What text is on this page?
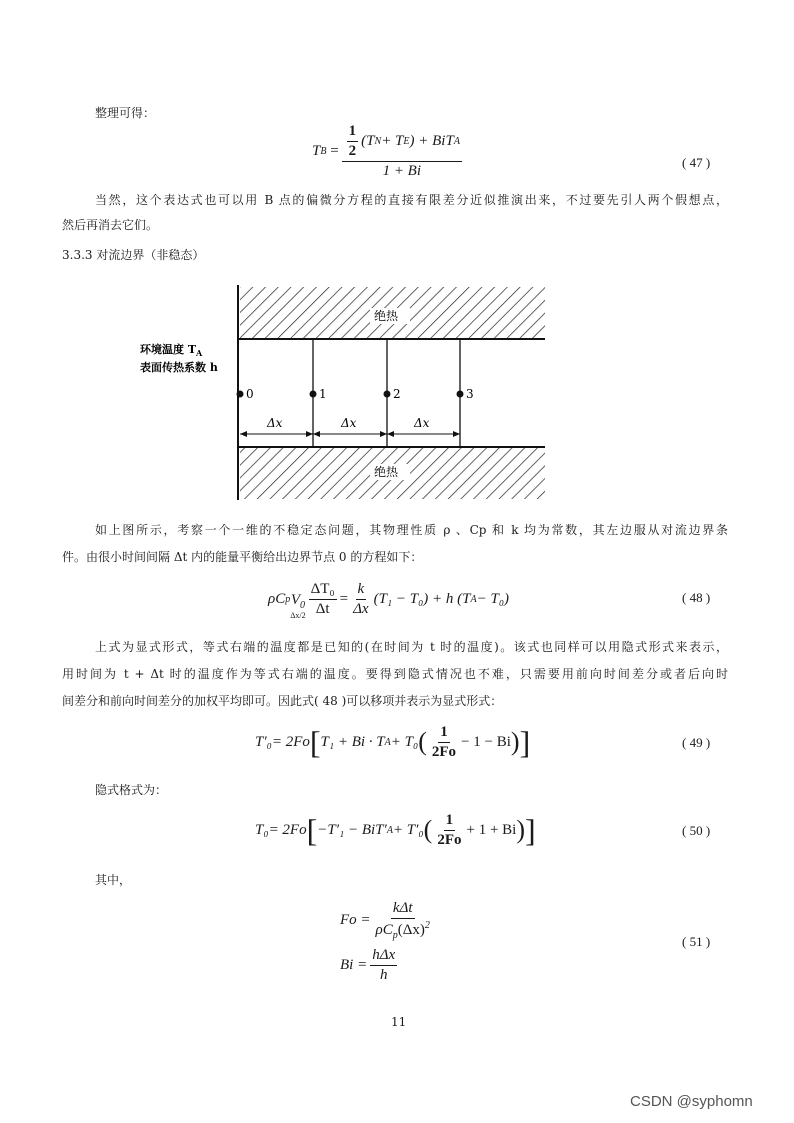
整理可得：
T $B = \frac{\frac{1}{2} (T N + T E ) + BiT A}{1 + Bi}$	( 47 )
当然，这个表达式也可以用 B 点的偏微分方程的直接有限差分近似推演出来，不过要先引人两个假想点，
然后再消去它们。
3.3.3 对流边界（非稳态）
绝热
绝热
环境温度 $T_A$
表面传热系数 h
0	1	2	3
Δx	Δx	Δx
如上图所示，考察一个一维的不稳定态问题，其物理性质 ρ 、Cp 和 k 均为常数，其左边服从对流边界条
件。由很小时间间隔 Δt 内的能量平衡给出边界节点 0 的方程如下：
ρC p $V_0$
$\Delta x/2 \frac{\text{ΔT₀}}{\Delta t} = \frac{k}{\Delta x} (T_1 - T_0) + h$ (T A − T₀)	( 48 )
上式为显式形式，等式右端的温度都是已知的(在时间为 t 时的温度)。该式也同样可以用隐式形式来表示，
用时间为 t + Δt 时的温度作为等式右端的温度。要得到隐式情况也不难，只需要用前向时间差分或者后向时
间差分和前向时间差分的加权平均即可。因此式( 48 )可以移项并表示为显式形式：
T′₀ = 2Fo [ T₁ + Bi · T A + T₀ ( $\frac{1}{2Fo} - 1 - Bi$ ) ]	( 49 )
隐式格式为：
T₀ = 2Fo [ −T′₁ − BiT′ A + T′₀ ( $\frac{1}{2Fo} + 1 + Bi$ ) ]	( 50 )
其中，
$Fo = \frac{\text{kΔt}}{\rho C_p(\Delta x)^2}$
$Bi = \frac{\text{hΔx}}{h}$
( 51 )
11
CSDN @syphomn
